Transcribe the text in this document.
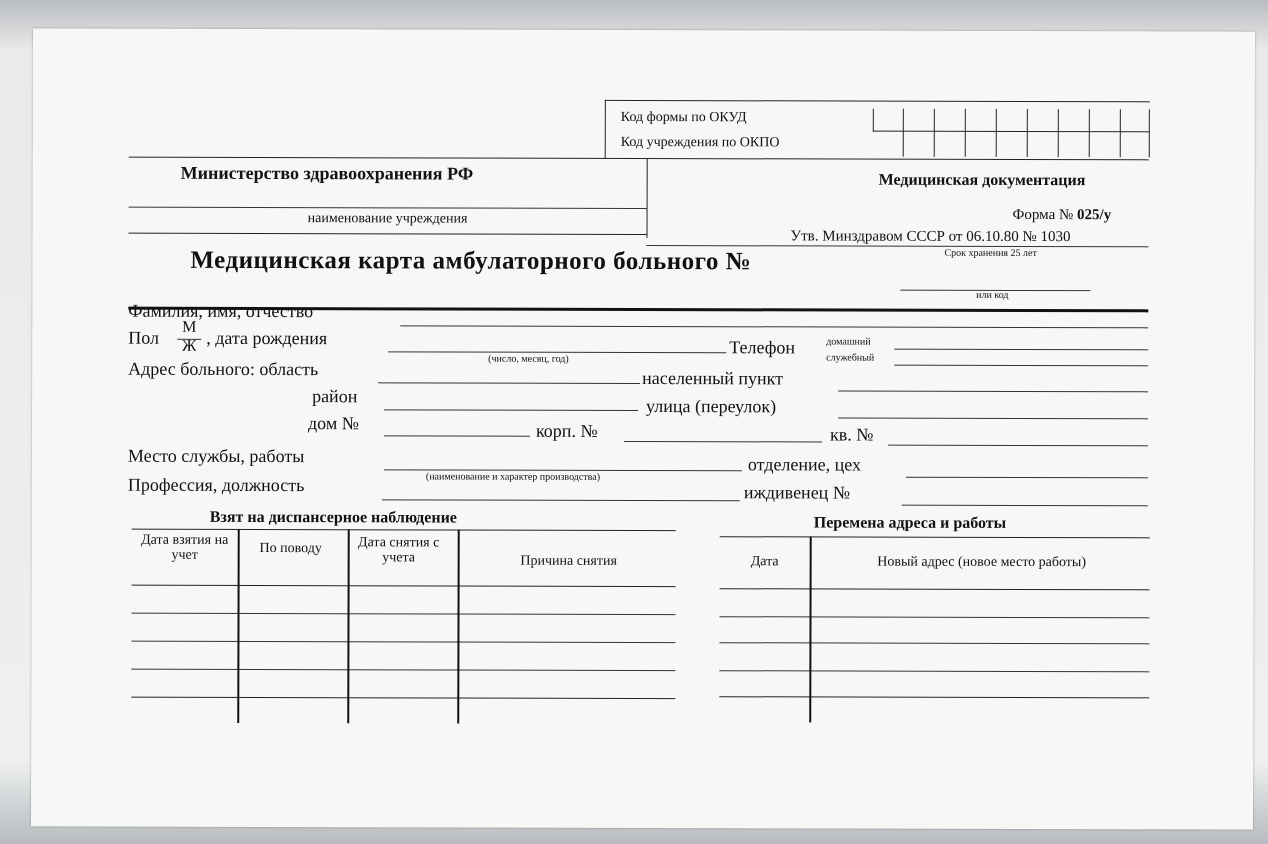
Код формы по ОКУД
Код учреждения по ОКПО
Министерство здравоохранения РФ
наименование учреждения
Медицинская документация
Форма № 025/у
Утв. Минздравом СССР от 06.10.80 № 1030
Срок хранения 25 лет
Медицинская карта амбулаторного больного №
или код
Фамилия, имя, отчество
Пол
М
Ж , дата рождения
(число, месяц, год)
Телефон	домашний
служебный
Адрес больного: область	населенный пункт
район	улица (переулок)
дом №	корп. №	кв. №
Место службы, работы
(наименование и характер производства)
отделение, цех
Профессия, должность	иждивенец №
Взят на диспансерное наблюдение
Дата взятия на учет	По поводу	Дата снятия с учета	Причина снятия
Перемена адреса и работы
Дата	Новый адрес (новое место работы)
